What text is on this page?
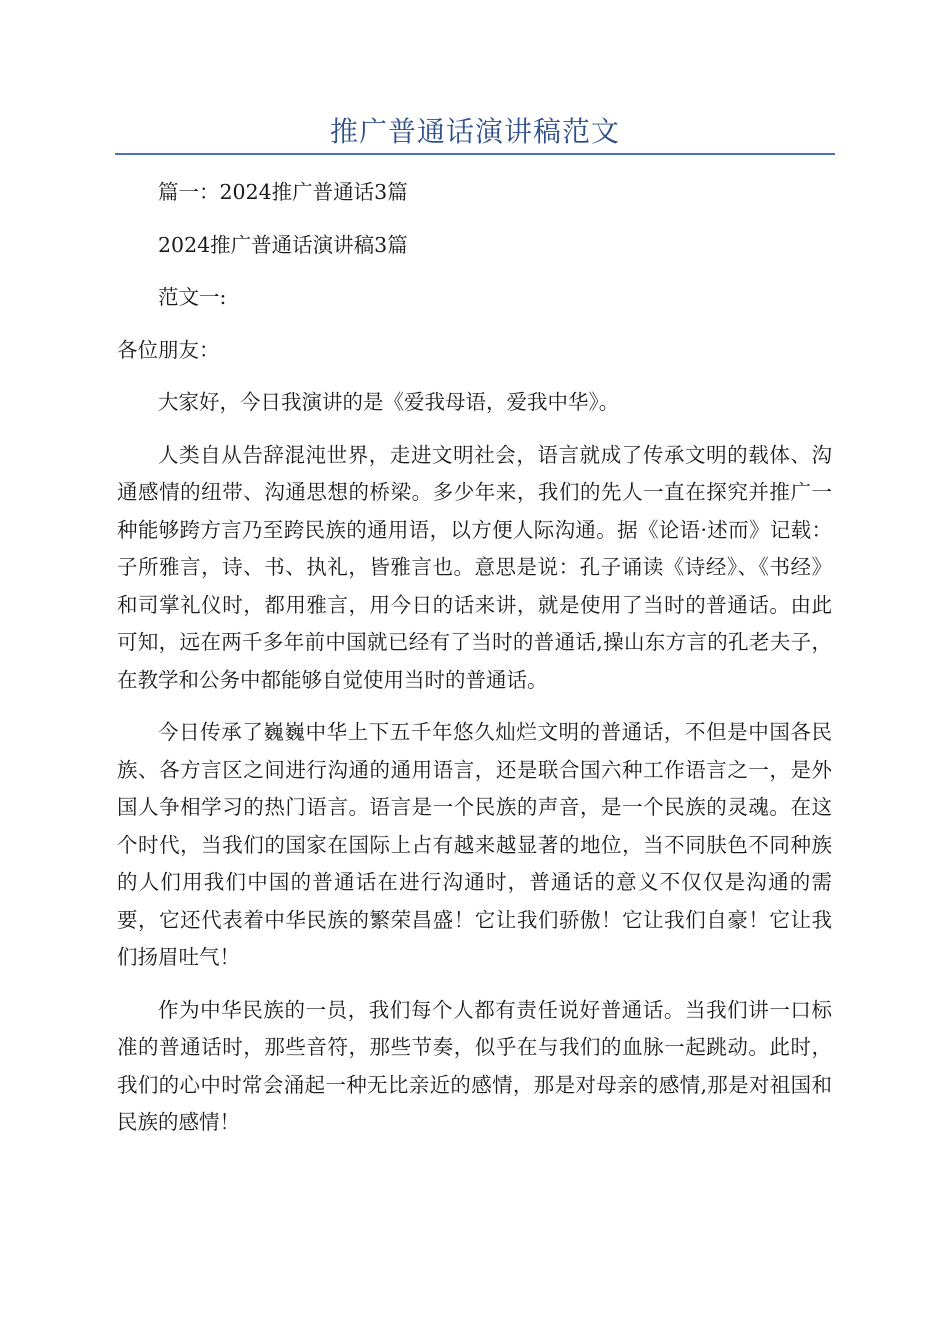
推广普通话演讲稿范文

篇一：2024推广普通话3篇

2024推广普通话演讲稿3篇

范文一:

各位朋友：

大家好，今日我演讲的是《爱我母语，爱我中华》。

人类自从告辞混沌世界，走进文明社会，语言就成了传承文明的载体、沟通感情的纽带、沟通思想的桥梁。多少年来，我们的先人一直在探究并推广一种能够跨方言乃至跨民族的通用语，以方便人际沟通。据《论语·述而》记载：子所雅言，诗、书、执礼，皆雅言也。意思是说：孔子诵读《诗经》、《书经》和司掌礼仪时，都用雅言，用今日的话来讲，就是使用了当时的普通话。由此可知，远在两千多年前中国就已经有了当时的普通话,操山东方言的孔老夫子，在教学和公务中都能够自觉使用当时的普通话。

今日传承了巍巍中华上下五千年悠久灿烂文明的普通话，不但是中国各民族、各方言区之间进行沟通的通用语言，还是联合国六种工作语言之一，是外国人争相学习的热门语言。语言是一个民族的声音，是一个民族的灵魂。在这个时代，当我们的国家在国际上占有越来越显著的地位，当不同肤色不同种族的人们用我们中国的普通话在进行沟通时，普通话的意义不仅仅是沟通的需要，它还代表着中华民族的繁荣昌盛！它让我们骄傲！它让我们自豪！它让我们扬眉吐气！

作为中华民族的一员，我们每个人都有责任说好普通话。当我们讲一口标准的普通话时，那些音符，那些节奏，似乎在与我们的血脉一起跳动。此时，我们的心中时常会涌起一种无比亲近的感情，那是对母亲的感情,那是对祖国和民族的感情！
